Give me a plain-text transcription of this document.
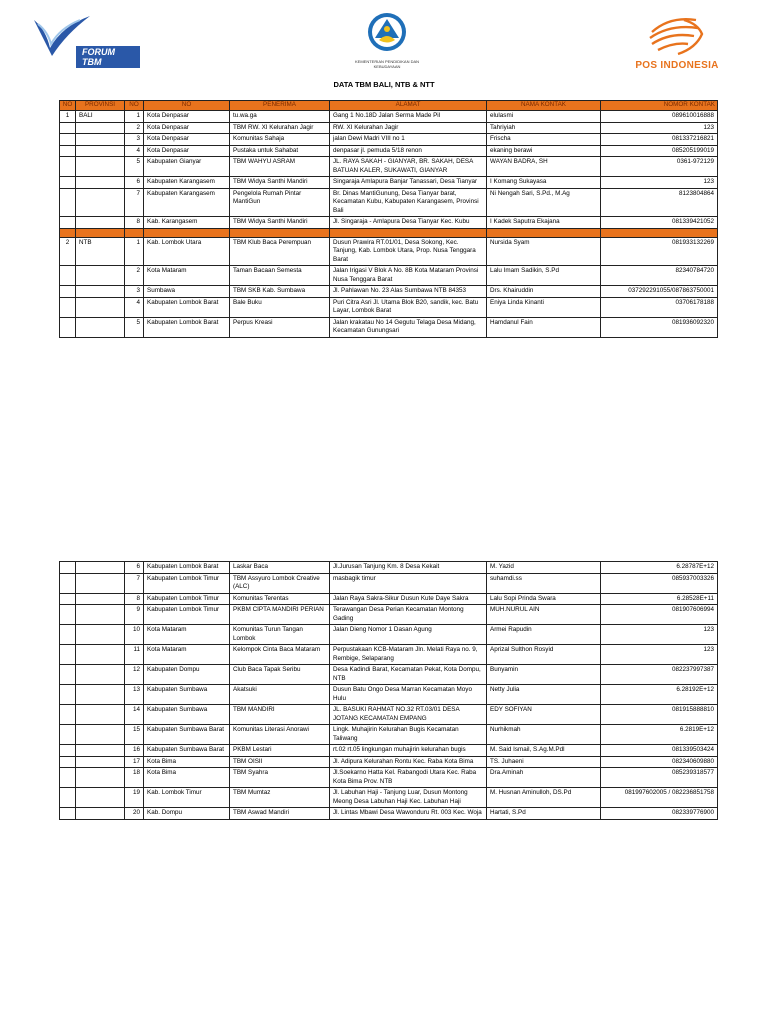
FORUM TBM	KEMENTERIAN PENDIDIKAN DAN KEBUDAYAAN	POS INDONESIA
DATA TBM BALI, NTB & NTT
NO	PROVINSI	NO	NO	PENERIMA	ALAMAT	NAMA KONTAK	NOMOR KONTAK
1	BALI	1	Kota Denpasar	tu.wa.ga	Gang 1 No.18D Jalan Serma Made Pil	elulasmi	089610016888
		2	Kota Denpasar	TBM RW. XI Kelurahan Jagir	RW. XI Kelurahan Jagir	Tahriyiah	123
		3	Kota Denpasar	Komunitas Sahaja	jalan Dewi Madri VIII no 1	Frischa	081337216821
		4	Kota Denpasar	Pustaka untuk Sahabat	denpasar jl. pemuda 5/18 renon	ekaning berawi	085205199019
		5	Kabupaten Gianyar	TBM WAHYU ASRAM	JL. RAYA SAKAH - GIANYAR, BR. SAKAH, DESA BATUAN KALER, SUKAWATI, GIANYAR	WAYAN BADRA, SH	0361-972129
		6	Kabupaten Karangasem	TBM Widya Santhi Mandiri	Singaraja Amlapura Banjar Tanassari, Desa Tianyar	I Komang Sukayasa	123
		7	Kabupaten Karangasem	Pengelola Rumah Pintar MantiGun	Br. Dinas MantiGunung, Desa Tianyar barat, Kecamatan Kubu, Kabupaten Karangasem, Provinsi Bali	Ni Nengah Sari, S.Pd., M.Ag	8123804864
		8	Kab. Karangasem	TBM Widya Santhi Mandiri	Jl. Singaraja - Amlapura Desa Tianyar Kec. Kubu	I Kadek Saputra Ekajana	081339421052

2	NTB	1	Kab. Lombok Utara	TBM Klub Baca Perempuan	Dusun Prawira RT.01/01, Desa Sokong, Kec. Tanjung, Kab. Lombok Utara, Prop. Nusa Tenggara Barat	Nursida Syam	081933132269
		2	Kota Mataram	Taman Bacaan Semesta	Jalan Irigasi V Blok A No. 8B Kota Mataram Provinsi Nusa Tenggara Barat	Lalu Imam Sadikin, S.Pd	82340784720
		3	Sumbawa	TBM SKB Kab. Sumbawa	Jl. Pahlawan No. 23 Alas Sumbawa NTB 84353	Drs. Khairuddin	037292291055/087863750001
		4	Kabupaten Lombok Barat	Bale Buku	Puri Citra Asri Jl. Utama Blok B20, sandik, kec. Batu Layar, Lombok Barat	Eniya Linda Kinanti	03706178188
		5	Kabupaten Lombok Barat	Perpus Kreasi	Jalan krakatau No 14 Gegutu Telaga Desa Midang, Kecamatan Gunungsari	Hamdanul Fain	081936092320
		6	Kabupaten Lombok Barat	Laskar Baca	Jl.Jurusan Tanjung Km. 8 Desa Kekait	M. Yazid	6.28787E+12
		7	Kabupaten Lombok Timur	TBM Assyuro Lombok Creative (ALC)	masbagik timur	suhamdi.ss	085937003326
		8	Kabupaten Lombok Timur	Komunitas Terentas	Jalan Raya Sakra-Sikur Dusun Kute Daye Sakra	Lalu Sopi Prinda Swara	6.28528E+11
		9	Kabupaten Lombok Timur	PKBM CIPTA MANDIRI PERIAN	Terawangan Desa Perian Kecamatan Montong Gading	MUH.NURUL AIN	081907606994
		10	Kota Mataram	Komunitas Turun Tangan Lombok	Jalan Dieng Nomor 1 Dasan Agung	Armei Rapudin	123
		11	Kota Mataram	Kelompok Cinta Baca Mataram	Perpustakaan KCB-Mataram Jln. Melati Raya no. 9, Rembige, Selaparang	Aprizal Sulthon Rosyid	123
		12	Kabupaten Dompu	Club Baca Tapak Seribu	Desa Kadindi Barat, Kecamatan Pekat, Kota Dompu, NTB	Bunyamin	082237997387
		13	Kabupaten Sumbawa	Akatsuki	Dusun Batu Ongo Desa Marran Kecamatan Moyo Hulu	Netty Julia	6.28192E+12
		14	Kabupaten Sumbawa	TBM MANDIRI	JL. BASUKI RAHMAT NO.32 RT.03/01 DESA JOTANG KECAMATAN EMPANG	EDY SOFIYAN	081915888810
		15	Kabupaten Sumbawa Barat	Komunitas Literasi Anorawi	Lingk. Muhajirin Kelurahan Bugis Kecamatan Taliwang	Nurhikmah	6.2819E+12
		16	Kabupaten Sumbawa Barat	PKBM Lestari	rt.02 rt.05 lingkungan muhajirin kelurahan bugis	M. Said Ismail, S.Ag.M.Pdl	081339503424
		17	Kota Bima	TBM OISII	Jl. Adipura Kelurahan Rontu Kec. Raba Kota Bima	TS. Juhaeni	082340609880
		18	Kota Bima	TBM Syahra	Jl.Soekarno Hatta Kel. Rabangodi Utara Kec. Raba Kota Bima Prov. NTB	Dra.Aminah	085239318577
		19	Kab. Lombok Timur	TBM Mumtaz	Jl. Labuhan Haji - Tanjung Luar, Dusun Montong Meong Desa Labuhan Haji Kec. Labuhan Haji	M. Husnan Aminulloh, DS.Pd	081997602005 / 082236851758
		20	Kab. Dompu	TBM Aswad Mandiri	Jl. Lintas Mbawi Desa Wawonduru Rt. 003 Kec. Woja	Hartati, S.Pd	082339776900
